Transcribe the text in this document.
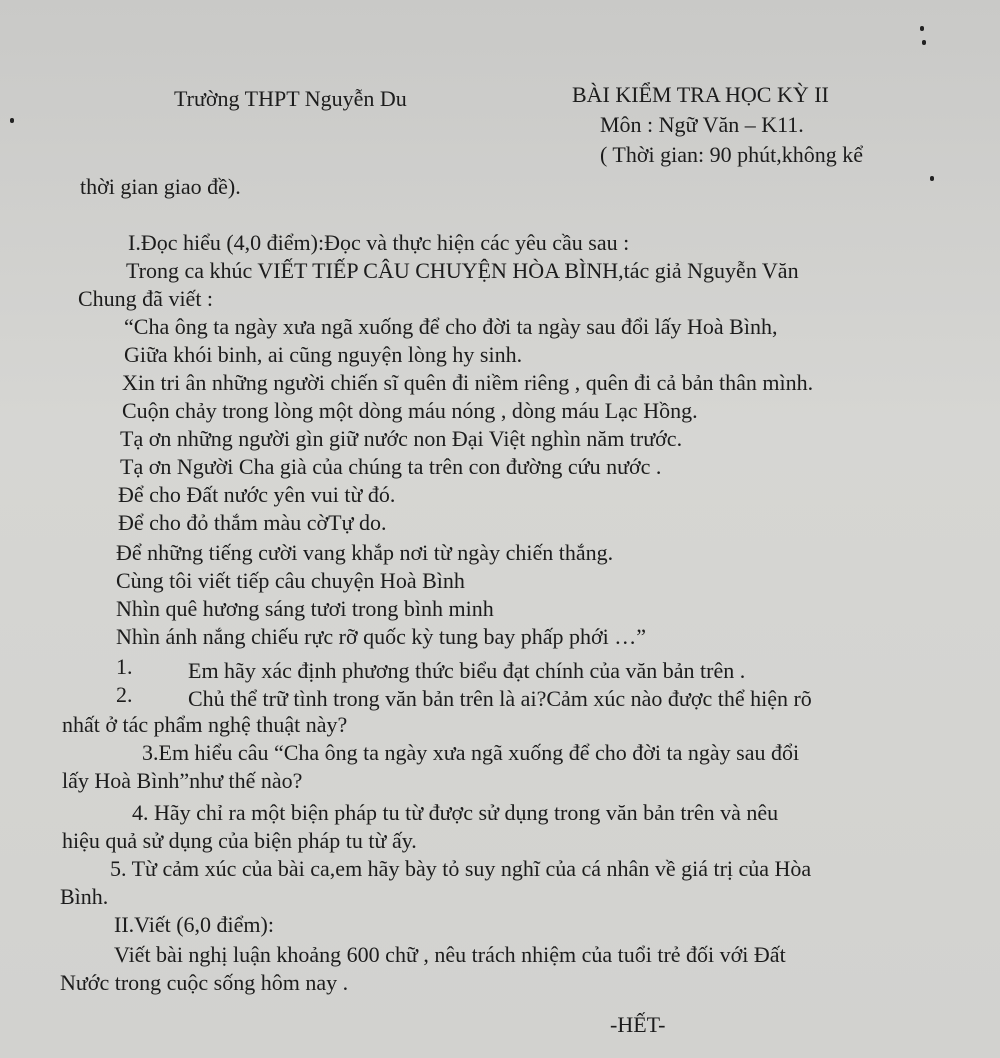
Trường THPT Nguyễn Du	BÀI KIỂM TRA HỌC KỲ II
Môn : Ngữ Văn – K11.
( Thời gian: 90 phút,không kể
thời gian giao đề).
I.Đọc hiểu (4,0 điểm):Đọc và thực hiện các yêu cầu sau :
Trong ca khúc VIẾT TIẾP CÂU CHUYỆN HÒA BÌNH,tác giả Nguyễn Văn
Chung đã viết :
“Cha ông ta ngày xưa ngã xuống để cho đời ta ngày sau đổi lấy Hoà Bình,
Giữa khói binh, ai cũng nguyện lòng hy sinh.
Xin tri ân những người chiến sĩ quên đi niềm riêng , quên đi cả bản thân mình.
Cuộn chảy trong lòng một dòng máu nóng , dòng máu Lạc Hồng.
Tạ ơn những người gìn giữ nước non Đại Việt nghìn năm trước.
Tạ ơn Người Cha già của chúng ta trên con đường cứu nước .
Để cho Đất nước yên vui từ đó.
Để cho đỏ thắm màu cờTự do.
Để những tiếng cười vang khắp nơi từ ngày chiến thắng.
Cùng tôi viết tiếp câu chuyện Hoà Bình
Nhìn quê hương sáng tươi trong bình minh
Nhìn ánh nắng chiếu rực rỡ quốc kỳ tung bay phấp phới …”
1.	Em hãy xác định phương thức biểu đạt chính của văn bản trên .
2.	Chủ thể trữ tình trong văn bản trên là ai?Cảm xúc nào được thể hiện rõ
nhất ở tác phẩm nghệ thuật này?
3.Em hiểu câu “Cha ông ta ngày xưa ngã xuống để cho đời ta ngày sau đổi
lấy Hoà Bình”như thế nào?
4. Hãy chỉ ra một biện pháp tu từ được sử dụng trong văn bản trên và nêu
hiệu quả sử dụng của biện pháp tu từ ấy.
5. Từ cảm xúc của bài ca,em hãy bày tỏ suy nghĩ của cá nhân về giá trị của Hòa
Bình.
II.Viết (6,0 điểm):
Viết bài nghị luận khoảng 600 chữ , nêu trách nhiệm của tuổi trẻ đối với Đất
Nước trong cuộc sống hôm nay .
-HẾT-
